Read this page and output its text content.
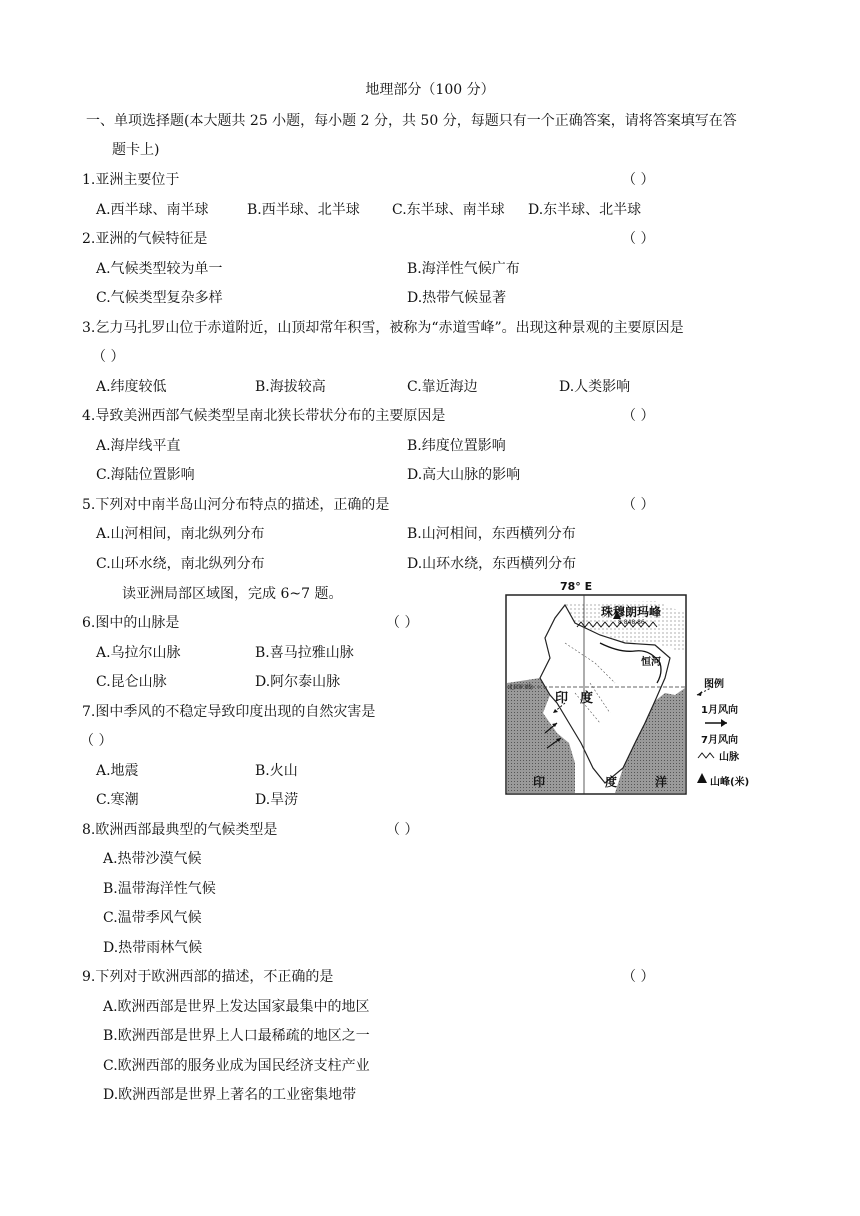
地理部分（100 分）
一、单项选择题(本大题共 25 小题，每小题 2 分，共 50 分，每题只有一个正确答案，请将答案填写在答
题卡上)
1.亚洲主要位于	（ ）
A.西半球、南半球	B.西半球、北半球 C.东半球、南半球 D.东半球、北半球
2.亚洲的气候特征是	（ ）
A.气候类型较为单一	B.海洋性气候广布
C.气候类型复杂多样	D.热带气候显著
3.乞力马扎罗山位于赤道附近，山顶却常年积雪，被称为“赤道雪峰”。出现这种景观的主要原因是
（ ）
A.纬度较低	B.海拔较高	C.靠近海边	D.人类影响
4.导致美洲西部气候类型呈南北狭长带状分布的主要原因是	（ ）
A.海岸线平直	B.纬度位置影响
C.海陆位置影响	D.高大山脉的影响
5.下列对中南半岛山河分布特点的描述，正确的是	（ ）
A.山河相间，南北纵列分布	B.山河相间，东西横列分布
C.山环水绕，南北纵列分布	D.山环水绕，东西横列分布
读亚洲局部区域图，完成 6~7 题。
6.图中的山脉是	（ ）
A.乌拉尔山脉	B.喜马拉雅山脉
C.昆仑山脉	D.阿尔泰山脉
7.图中季风的不稳定导致印度出现的自然灾害是
（ ）
A.地震	B.火山
C.寒潮	D.旱涝
8.欧洲西部最典型的气候类型是	（ ）
A.热带沙漠气候
B.温带海洋性气候
C.温带季风气候
D.热带雨林气候
9.下列对于欧洲西部的描述，不正确的是	（ ）
A.欧洲西部是世界上发达国家最集中的地区
B.欧洲西部是世界上人口最稀疏的地区之一
C.欧洲西部的服务业成为国民经济支柱产业
D.欧洲西部是世界上著名的工业密集地带
78° E
珠穆朗玛峰
8 848.86
恒河
北回归线
印度
印	度	洋
图例
1月风向
7月风向
山脉
山峰(米)
